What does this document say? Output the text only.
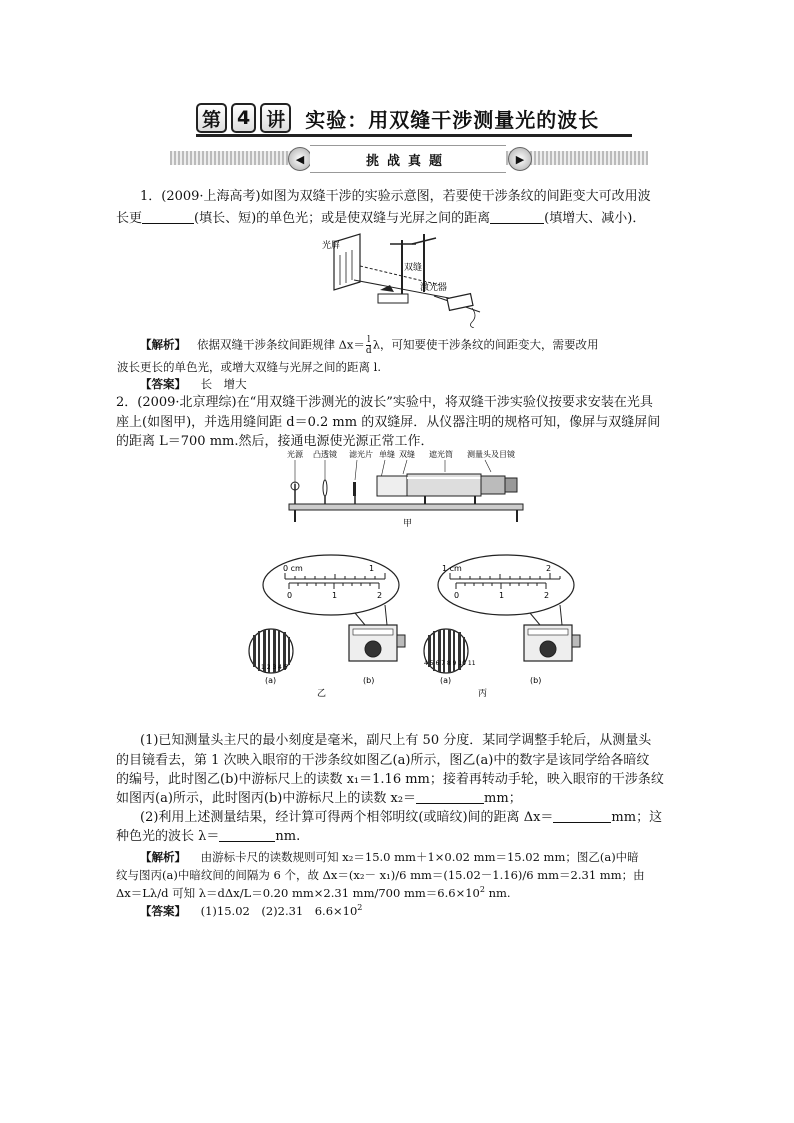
第 4 讲	实验：用双缝干涉测量光的波长
◀	挑战真题	▶
1．(2009·上海高考)如图为双缝干涉的实验示意图，若要使干涉条纹的间距变大可改用波
长更	(填长、短)的单色光；或是使双缝与光屏之间的距离	(填增大、减小)．
光屏
双缝
激光器
【解析】 依据双缝干涉条纹间距规律 $\Delta x= \frac{l}{d}$ λ，可知要使干涉条纹的间距变大，需要改用
波长更长的单色光，或增大双缝与光屏之间的距离 l.
【答案】 长　增大
2．(2009·北京理综)在“用双缝干涉测光的波长”实验中，将双缝干涉实验仪按要求安装在光具
座上(如图甲)，并选用缝间距 d＝0.2 mm 的双缝屏．从仪器注明的规格可知，像屏与双缝屏间
的距离 L＝700 mm.然后，接通电源使光源正常工作．
光源 凸透镜 滤光片 单缝 双缝 遮光筒 测量头及目镜
甲
0 cm	1
0	1	2
1 2 3 4 5
(a)	(b)
乙
1 cm	2
0	1	2
4 5 6 7 8 9 10 11
(a)	(b)
丙
(1)已知测量头主尺的最小刻度是毫米，副尺上有 50 分度．某同学调整手轮后，从测量头
的目镜看去，第 1 次映入眼帘的干涉条纹如图乙(a)所示，图乙(a)中的数字是该同学给各暗纹
的编号，此时图乙(b)中游标尺上的读数 x₁＝1.16 mm；接着再转动手轮，映入眼帘的干涉条纹
如图丙(a)所示，此时图丙(b)中游标尺上的读数 x₂＝	mm；
(2)利用上述测量结果，经计算可得两个相邻明纹(或暗纹)间的距离 Δx＝	mm；这
种色光的波长 λ＝	nm.
【解析】 由游标卡尺的读数规则可知 x₂＝15.0 mm＋1×0.02 mm＝15.02 mm；图乙(a)中暗
纹与图丙(a)中暗纹间的间隔为 6 个，故 Δx＝(x₂－ x₁)/6 mm＝(15.02－1.16)/6 mm＝2.31 mm；由
Δx＝Lλ/d 可知 λ＝dΔx/L＝0.20 mm×2.31 mm/700 $mm=6.6\times 10^2$ nm.
【答案】 (1)15.02　(2)2.31　$6.6\times 10^2$
